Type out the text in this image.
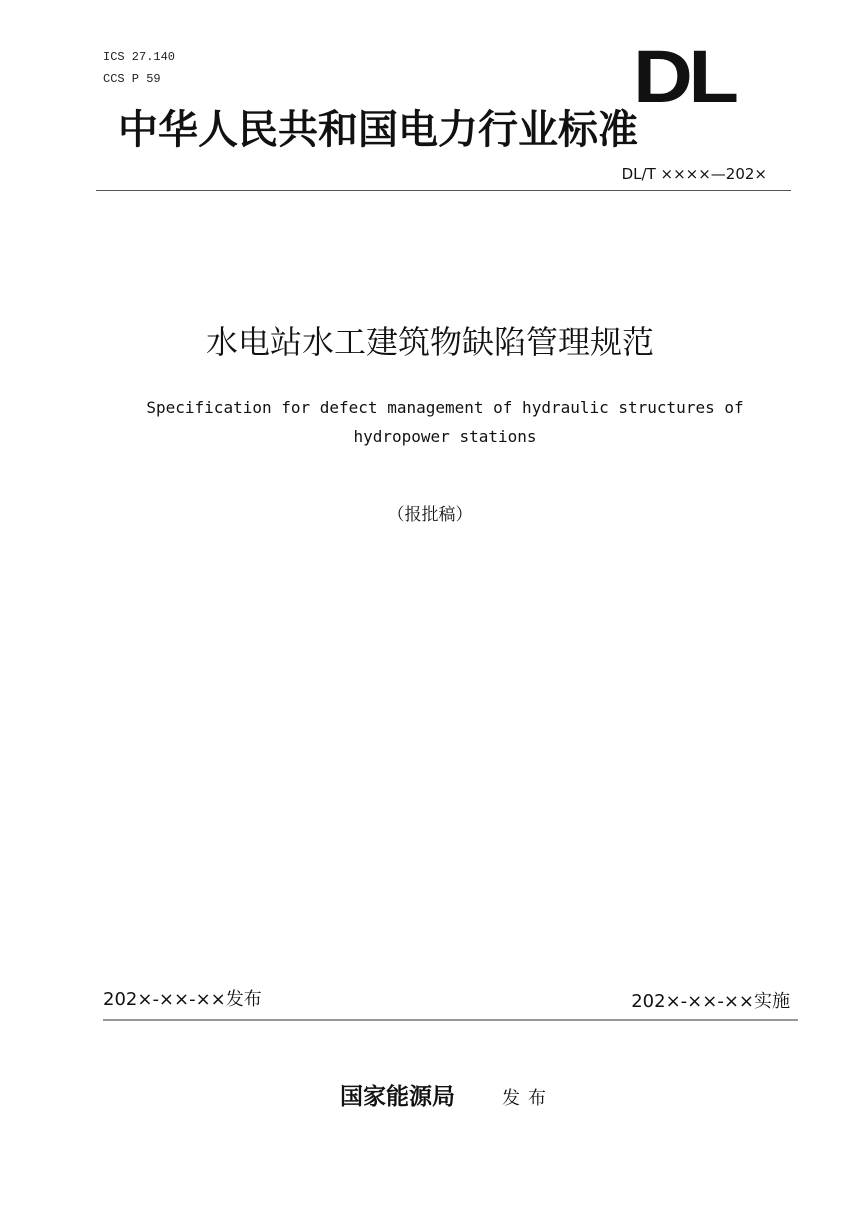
ICS 27.140
CCS P 59	DL
中华人民共和国电力行业标准
DL/T ××××—202×
水电站水工建筑物缺陷管理规范
Specification for defect management of hydraulic structures of hydropower stations
（报批稿）
202×-××-××发布	202×-××-××实施
国家能源局	发布
